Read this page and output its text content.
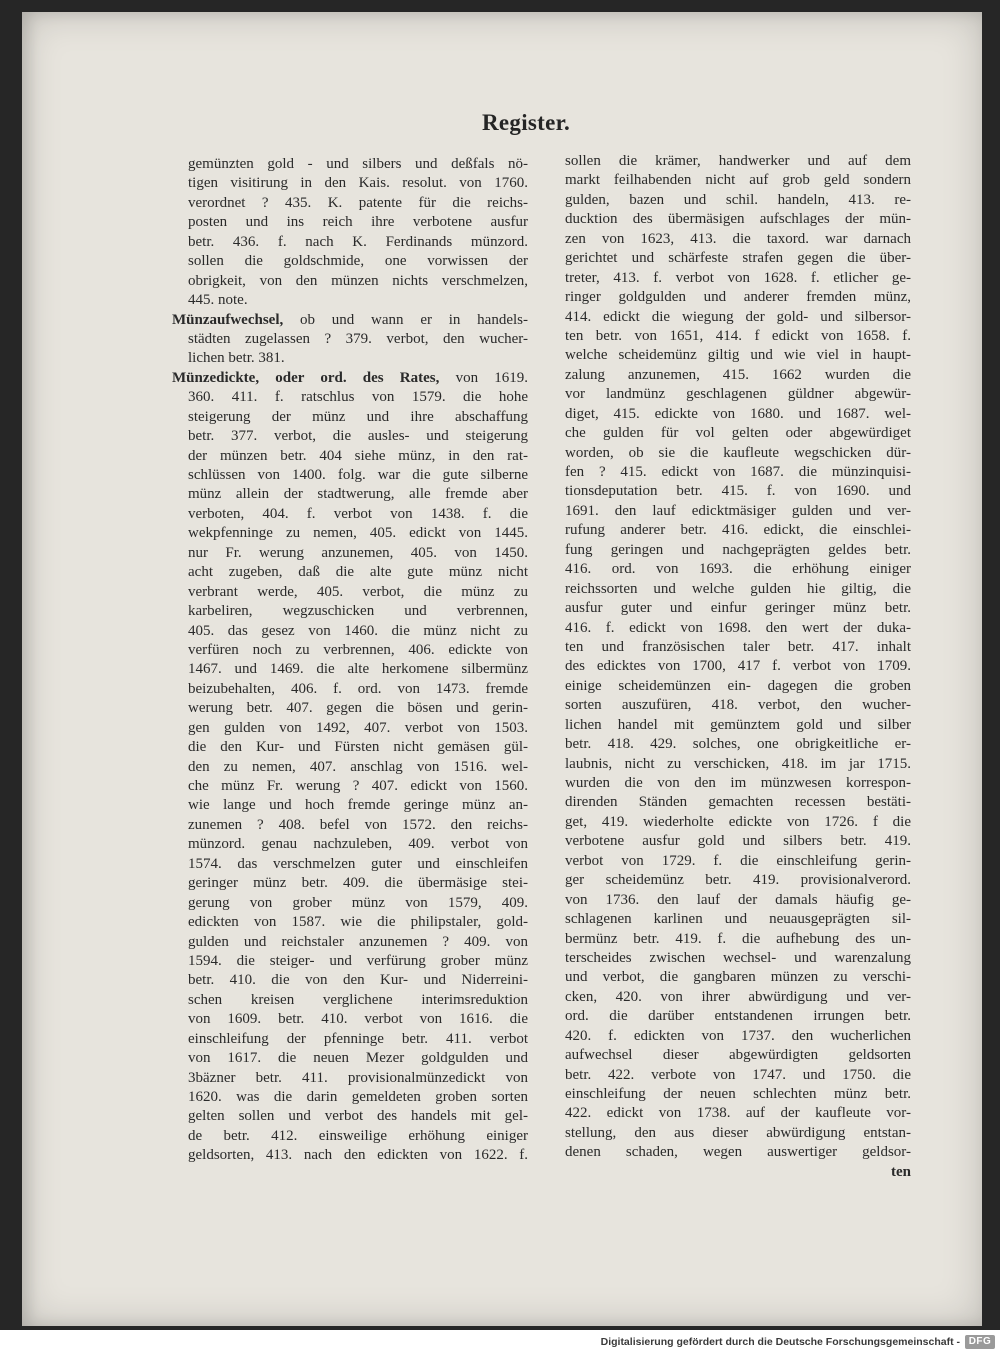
Register.
gemünzten gold - und silbers und deßfals nö-
tigen visitirung in den Kais. resolut. von 1760.
verordnet ? 435. K. patente für die reichs-
posten und ins reich ihre verbotene ausfur
betr. 436. f. nach K. Ferdinands münzord.
sollen die goldschmide, one vorwissen der
obrigkeit, von den münzen nichts verschmelzen,
445. note.
Münzaufwechsel, ob und wann er in handels-
städten zugelassen ? 379. verbot, den wucher-
lichen betr. 381.
Münzedickte, oder ord. des Rates, von 1619.
360. 411. f. ratschlus von 1579. die hohe
steigerung der münz und ihre abschaffung
betr. 377. verbot, die ausles- und steigerung
der münzen betr. 404 siehe münz, in den rat-
schlüssen von 1400. folg. war die gute silberne
münz allein der stadtwerung, alle fremde aber
verboten, 404. f. verbot von 1438. f. die
wekpfenninge zu nemen, 405. edickt von 1445.
nur Fr. werung anzunemen, 405. von 1450.
acht zugeben, daß die alte gute münz nicht
verbrant werde, 405. verbot, die münz zu
karbeliren, wegzuschicken und verbrennen,
405. das gesez von 1460. die münz nicht zu
verfüren noch zu verbrennen, 406. edickte von
1467. und 1469. die alte herkomene silbermünz
beizubehalten, 406. f. ord. von 1473. fremde
werung betr. 407. gegen die bösen und gerin-
gen gulden von 1492, 407. verbot von 1503.
die den Kur- und Fürsten nicht gemäsen gül-
den zu nemen, 407. anschlag von 1516. wel-
che münz Fr. werung ? 407. edickt von 1560.
wie lange und hoch fremde geringe münz an-
zunemen ? 408. befel von 1572. den reichs-
münzord. genau nachzuleben, 409. verbot von
1574. das verschmelzen guter und einschleifen
geringer münz betr. 409. die übermäsige stei-
gerung von grober münz von 1579, 409.
edickten von 1587. wie die philipstaler, gold-
gulden und reichstaler anzunemen ? 409. von
1594. die steiger- und verfürung grober münz
betr. 410. die von den Kur- und Niderreini-
schen kreisen verglichene interimsreduktion
von 1609. betr. 410. verbot von 1616. die
einschleifung der pfenninge betr. 411. verbot
von 1617. die neuen Mezer goldgulden und
3bäzner betr. 411. provisionalmünzedickt von
1620. was die darin gemeldeten groben sorten
gelten sollen und verbot des handels mit gel-
de betr. 412. einsweilige erhöhung einiger
geldsorten, 413. nach den edickten von 1622. f.
sollen die krämer, handwerker und auf dem
markt feilhabenden nicht auf grob geld sondern
gulden, bazen und schil. handeln, 413. re-
ducktion des übermäsigen aufschlages der mün-
zen von 1623, 413. die taxord. war darnach
gerichtet und schärfeste strafen gegen die über-
treter, 413. f. verbot von 1628. f. etlicher ge-
ringer goldgulden und anderer fremden münz,
414. edickt die wiegung der gold- und silbersor-
ten betr. von 1651, 414. f edickt von 1658. f.
welche scheidemünz giltig und wie viel in haupt-
zalung anzunemen, 415. 1662 wurden die
vor landmünz geschlagenen güldner abgewür-
diget, 415. edickte von 1680. und 1687. wel-
che gulden für vol gelten oder abgewürdiget
worden, ob sie die kaufleute wegschicken dür-
fen ? 415. edickt von 1687. die münzinquisi-
tionsdeputation betr. 415. f. von 1690. und
1691. den lauf edicktmäsiger gulden und ver-
rufung anderer betr. 416. edickt, die einschlei-
fung geringen und nachgeprägten geldes betr.
416. ord. von 1693. die erhöhung einiger
reichssorten und welche gulden hie giltig, die
ausfur guter und einfur geringer münz betr.
416. f. edickt von 1698. den wert der duka-
ten und französischen taler betr. 417. inhalt
des edicktes von 1700, 417 f. verbot von 1709.
einige scheidemünzen ein- dagegen die groben
sorten auszufüren, 418. verbot, den wucher-
lichen handel mit gemünztem gold und silber
betr. 418. 429. solches, one obrigkeitliche er-
laubnis, nicht zu verschicken, 418. im jar 1715.
wurden die von den im münzwesen korrespon-
direnden Ständen gemachten recessen bestäti-
get, 419. wiederholte edickte von 1726. f die
verbotene ausfur gold und silbers betr. 419.
verbot von 1729. f. die einschleifung gerin-
ger scheidemünz betr. 419. provisionalverord.
von 1736. den lauf der damals häufig ge-
schlagenen karlinen und neuausgeprägten sil-
bermünz betr. 419. f. die aufhebung des un-
terscheides zwischen wechsel- und warenzalung
und verbot, die gangbaren münzen zu verschi-
cken, 420. von ihrer abwürdigung und ver-
ord. die darüber entstandenen irrungen betr.
420. f. edickten von 1737. den wucherlichen
aufwechsel dieser abgewürdigten geldsorten
betr. 422. verbote von 1747. und 1750. die
einschleifung der neuen schlechten münz betr.
422. edickt von 1738. auf der kaufleute vor-
stellung, den aus dieser abwürdigung entstan-
denen schaden, wegen auswertiger geldsor-
ten
Digitalisierung gefördert durch die Deutsche Forschungsgemeinschaft - DFG
